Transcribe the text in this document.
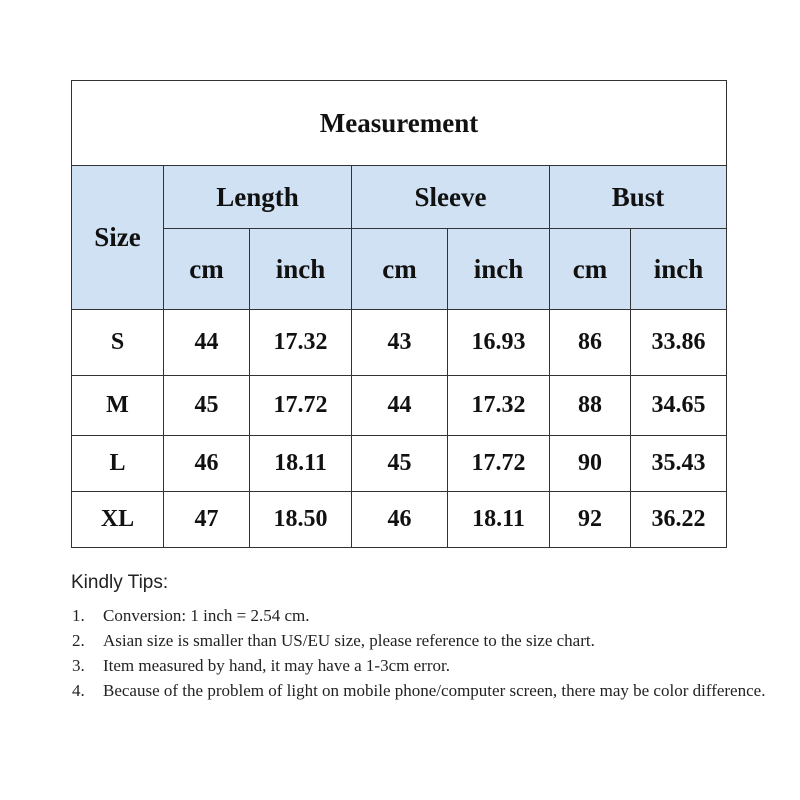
Measurement						
Size	Length		Sleeve		Bust	
	cm	inch	cm	inch	cm	inch
S	44	17.32	43	16.93	86	33.86
M	45	17.72	44	17.32	88	34.65
L	46	18.11	45	17.72	90	35.43
XL	47	18.50	46	18.11	92	36.22
Kindly Tips:
1.	Conversion: 1 inch = 2.54 cm.
2.	Asian size is smaller than US/EU size, please reference to the size chart.
3.	Item measured by hand, it may have a 1-3cm error.
4.	Because of the problem of light on mobile phone/computer screen, there may be color difference.
